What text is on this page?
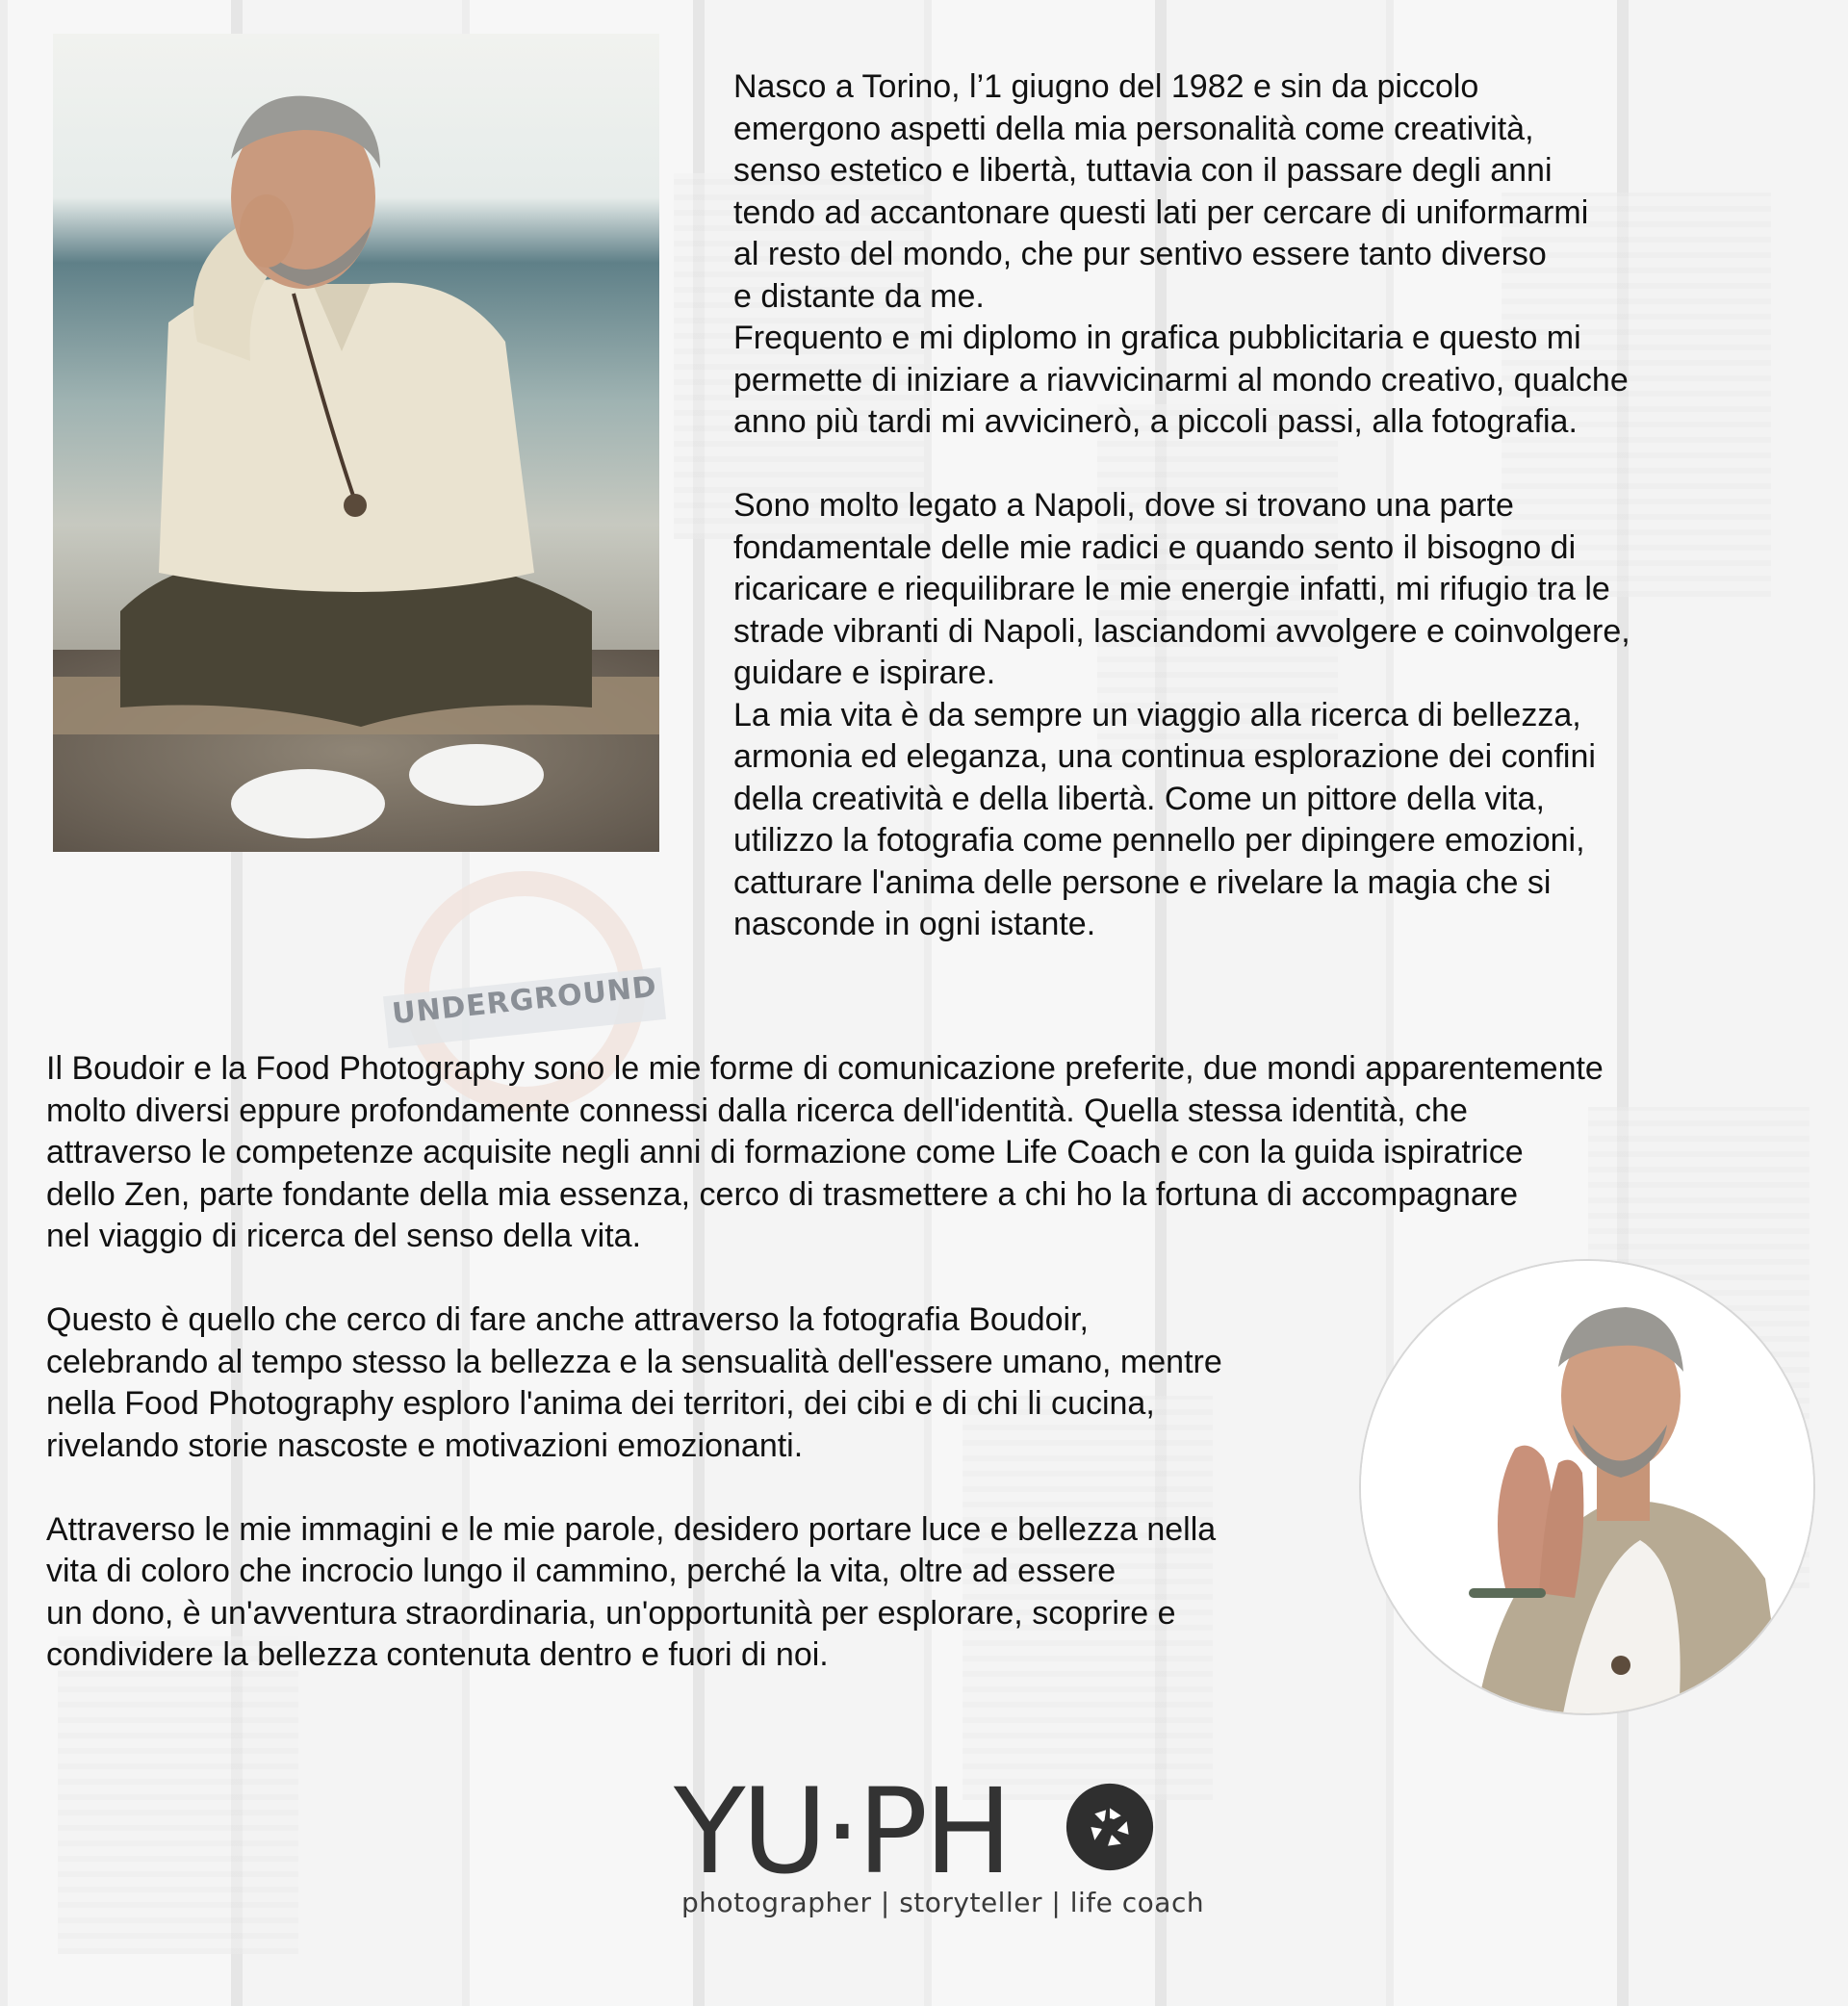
UNDERGROUND

Nasco a Torino, l’1 giugno del 1982 e sin da piccolo

emergono aspetti della mia personalità come creatività,

senso estetico e libertà, tuttavia con il passare degli anni

tendo ad accantonare questi lati per cercare di uniformarmi

al resto del mondo, che pur sentivo essere tanto diverso

e distante da me.

Frequento e mi diplomo in grafica pubblicitaria e questo mi

permette di iniziare a riavvicinarmi al mondo creativo, qualche

anno più tardi mi avvicinerò, a piccoli passi, alla fotografia.

Sono molto legato a Napoli, dove si trovano una parte

fondamentale delle mie radici e quando sento il bisogno di

ricaricare e riequilibrare le mie energie infatti, mi rifugio tra le

strade vibranti di Napoli, lasciandomi avvolgere e coinvolgere,

guidare e ispirare.

La mia vita è da sempre un viaggio alla ricerca di bellezza,

armonia ed eleganza, una continua esplorazione dei confini

della creatività e della libertà. Come un pittore della vita,

utilizzo la fotografia come pennello per dipingere emozioni,

catturare l'anima delle persone e rivelare la magia che si

nasconde in ogni istante.

Il Boudoir e la Food Photography sono le mie forme di comunicazione preferite, due mondi apparentemente

molto diversi eppure profondamente connessi dalla ricerca dell'identità. Quella stessa identità, che

attraverso le competenze acquisite negli anni di formazione come Life Coach e con la guida ispiratrice

dello Zen, parte fondante della mia essenza, cerco di trasmettere a chi ho la fortuna di accompagnare

nel viaggio di ricerca del senso della vita.

Questo è quello che cerco di fare anche attraverso la fotografia Boudoir,

celebrando al tempo stesso la bellezza e la sensualità dell'essere umano, mentre

nella Food Photography esploro l'anima dei territori, dei cibi e di chi li cucina,

rivelando storie nascoste e motivazioni emozionanti.

Attraverso le mie immagini e le mie parole, desidero portare luce e bellezza nella

vita di coloro che incrocio lungo il cammino, perché la vita, oltre ad essere

un dono, è un'avventura straordinaria, un'opportunità per esplorare, scoprire e

condividere la bellezza contenuta dentro e fuori di noi.

YU·PH
photographer | storyteller | life coach
